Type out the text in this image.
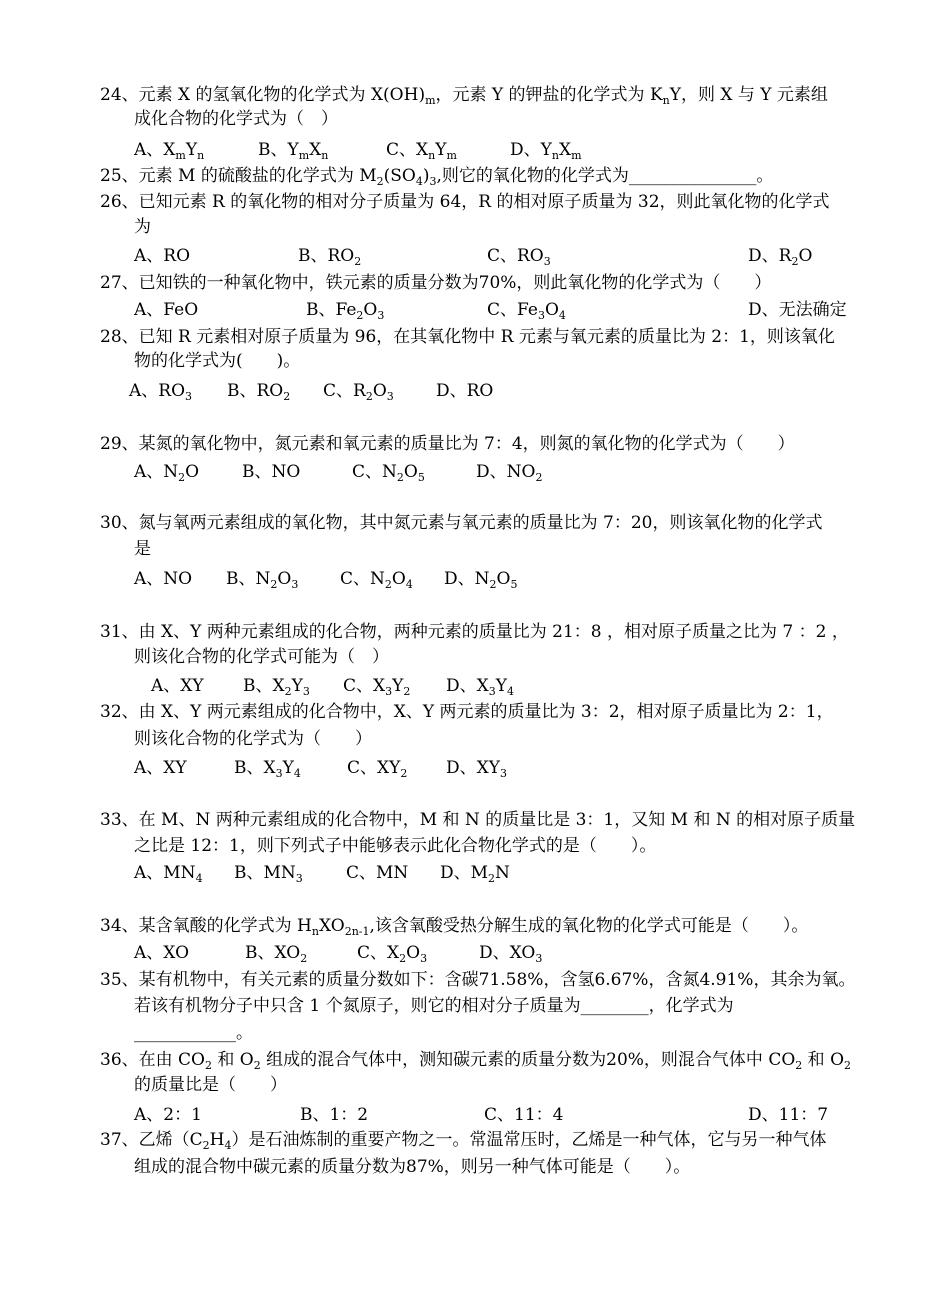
24、元素 X 的氢氧化物的化学式为 $X(OH)_m$，元素 Y 的钾盐的化学式为 $K_nY$，则 X 与 Y 元素组
成化合物的化学式为（　）
A、$X_mY_n$	B、$Y_mX_n$	C、$X_nY_m$	D、$Y_nX_m$
25、元素 M 的硫酸盐的化学式为 $M_2(SO_4)_3$,则它的氧化物的化学式为_______________。
26、已知元素 R 的氧化物的相对分子质量为 64，R 的相对原子质量为 32，则此氧化物的化学式
为
A、RO	B、$RO_2$	C、$RO_3$	D、$R_2O$
27、已知铁的一种氧化物中，铁元素的质量分数为70%，则此氧化物的化学式为（　　）
A、FeO	B、$Fe_2O_3$	C、$Fe_3O_4$	D、无法确定
28、已知 R 元素相对原子质量为 96，在其氧化物中 R 元素与氧元素的质量比为 2：1，则该氧化
物的化学式为(　　)。
A、$RO_3$ B、$RO_2$ C、$R_2O_3$ D、RO
29、某氮的氧化物中，氮元素和氧元素的质量比为 7：4，则氮的氧化物的化学式为（　　）
A、$N_2O$	B、NO	C、$N_2O_5$	D、$NO_2$
30、氮与氧两元素组成的氧化物，其中氮元素与氧元素的质量比为 7：20，则该氧化物的化学式
是
A、NO B、$N_2O_3$ C、$N_2O_4$ D、$N_2O_5$
31、由 X、Y 两种元素组成的化合物，两种元素的质量比为 21：8 ，相对原子质量之比为 7 ：2 ，
则该化合物的化学式可能为（　）
A、XY B、$X_2Y_3$ C、$X_3Y_2$ D、$X_3Y_4$
32、由 X、Y 两元素组成的化合物中，X、Y 两元素的质量比为 3：2，相对原子质量比为 2：1，
则该化合物的化学式为（　　）
A、XY	B、$X_3Y_4$	C、$XY_2$ D、$XY_3$
33、在 M、N 两种元素组成的化合物中，M 和 N 的质量比是 3：1，又知 M 和 N 的相对原子质量
之比是 12：1，则下列式子中能够表示此化合物化学式的是（　　）。
A、$MN_4$ B、$MN_3$	C、MN D、$M_2N$
34、某含氧酸的化学式为 $H_nXO_{2n-1}$,该含氧酸受热分解生成的氧化物的化学式可能是（　　）。
A、XO	B、$XO_2$	C、$X_2O_3$	D、$XO_3$
35、某有机物中，有关元素的质量分数如下：含碳71.58%，含氢6.67%，含氮4.91%，其余为氧。
若该有机物分子中只含 1 个氮原子，则它的相对分子质量为________，化学式为
____________。
36、在由 $CO_2$ 和 $O_2$ 组成的混合气体中，测知碳元素的质量分数为20%，则混合气体中 $CO_2$ 和 $O_2$
的质量比是（　　）
A、2：1	B、1：2	C、11：4	D、11：7
37、乙烯$(C_2H_4)$是石油炼制的重要产物之一。常温常压时，乙烯是一种气体，它与另一种气体
组成的混合物中碳元素的质量分数为87%，则另一种气体可能是（　　）。
